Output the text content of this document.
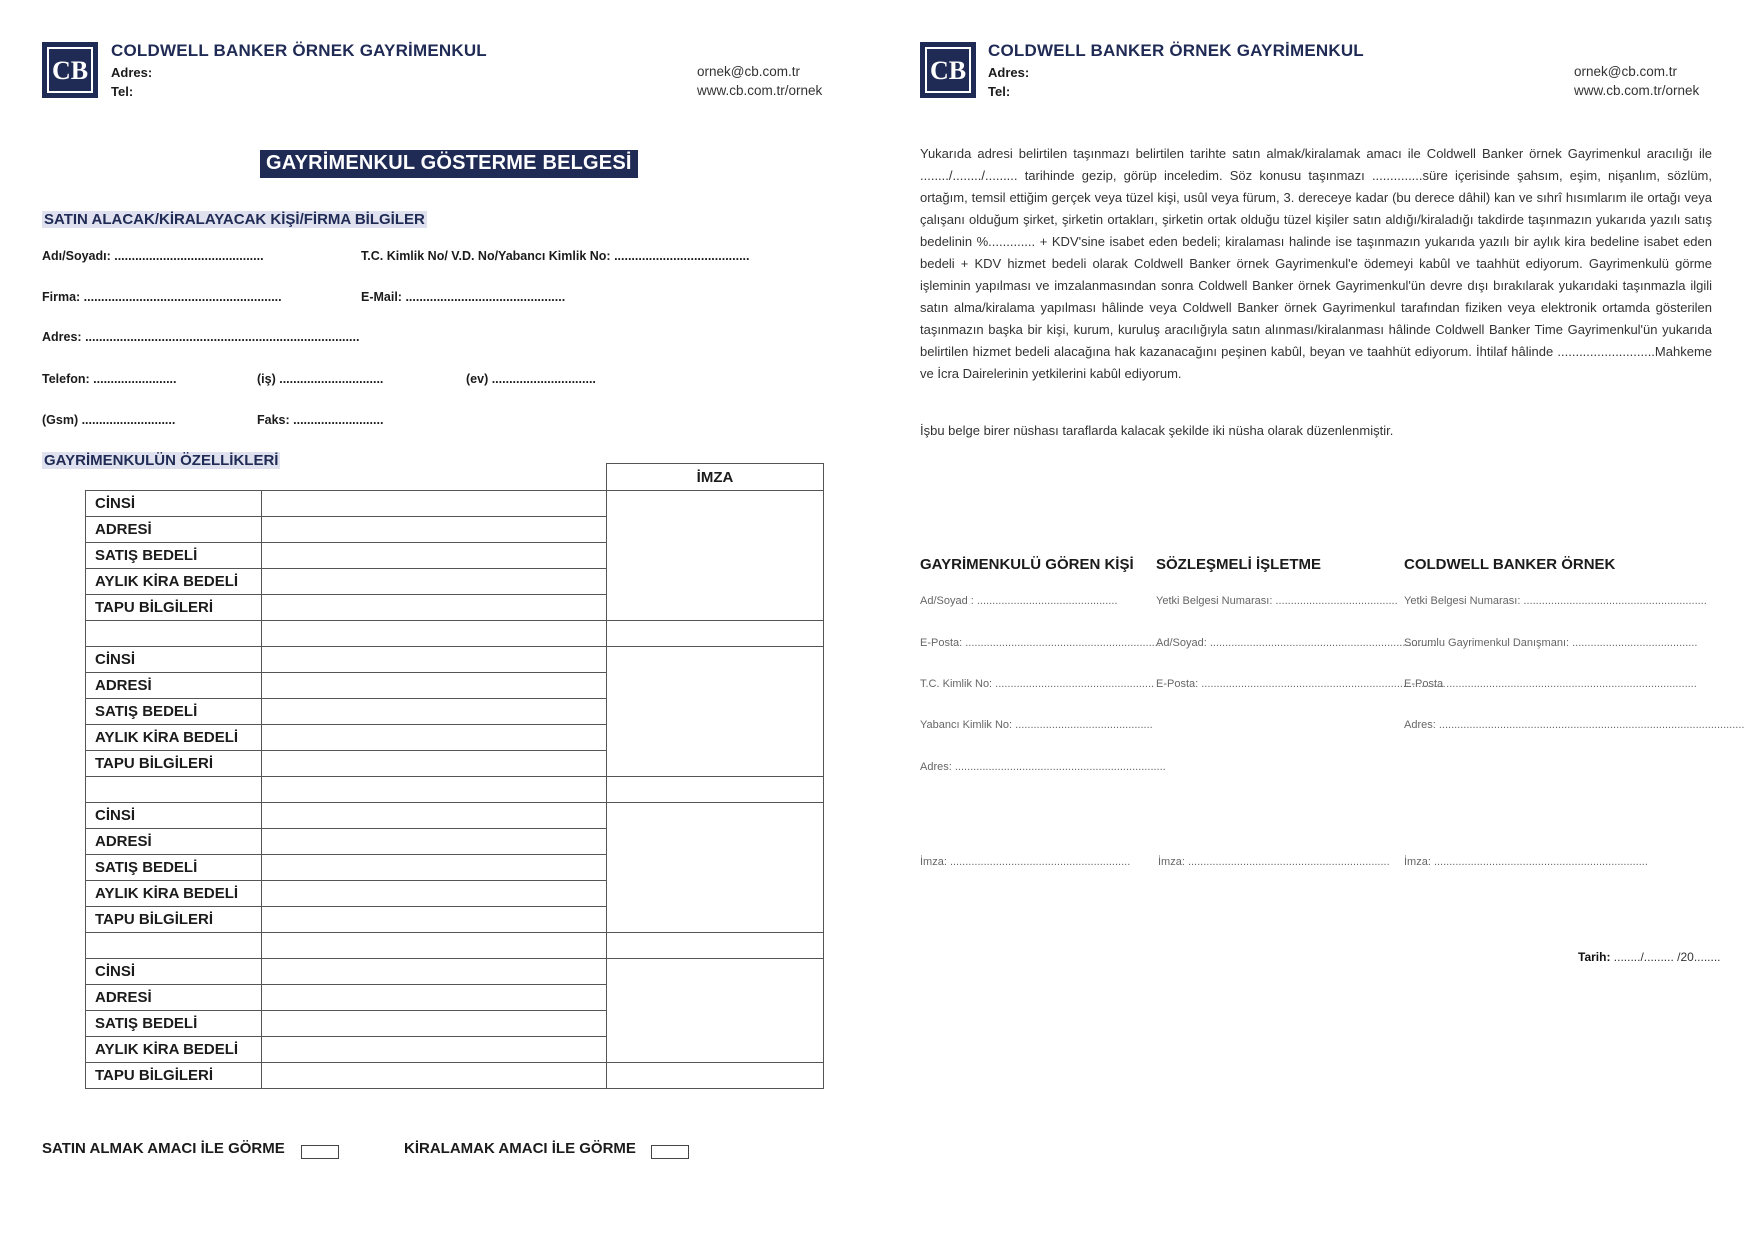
CB
COLDWELL BANKER ÖRNEK GAYRİMENKUL
Adres:
Tel:
ornek@cb.com.tr
www.cb.com.tr/ornek
CB
COLDWELL BANKER ÖRNEK GAYRİMENKUL
Adres:
Tel:
ornek@cb.com.tr
www.cb.com.tr/ornek
GAYRİMENKUL GÖSTERME BELGESİ
SATIN ALACAK/KİRALAYACAK KİŞİ/FİRMA BİLGİLER
Adı/Soyadı: ...........................................	T.C. Kimlik No/ V.D. No/Yabancı Kimlik No: .......................................
Firma: .........................................................	E-Mail: ..............................................
Adres: ...............................................................................
Telefon: ........................	(iş) ..............................	(ev) ..............................
(Gsm) ...........................	Faks: ..........................
GAYRİMENKULÜN ÖZELLİKLERİ
		İMZA
CİNSİ		
ADRESİ		
SATIŞ BEDELİ		
AYLIK KİRA BEDELİ		
TAPU BİLGİLERİ		

CİNSİ		
ADRESİ		
SATIŞ BEDELİ		
AYLIK KİRA BEDELİ		
TAPU BİLGİLERİ		

CİNSİ		
ADRESİ		
SATIŞ BEDELİ		
AYLIK KİRA BEDELİ		
TAPU BİLGİLERİ		

CİNSİ		
ADRESİ		
SATIŞ BEDELİ		
AYLIK KİRA BEDELİ		
TAPU BİLGİLERİ		
SATIN ALMAK AMACI İLE GÖRME	KİRALAMAK AMACI İLE GÖRME
Yukarıda adresi belirtilen taşınmazı belirtilen tarihte satın almak/kiralamak amacı ile Coldwell Banker örnek Gayrimenkul aracılığı ile ......../......../......... tarihinde gezip, görüp inceledim. Söz konusu taşınmazı ..............süre içerisinde şahsım, eşim, nişanlım, sözlüm, ortağım, temsil ettiğim gerçek veya tüzel kişi, usûl veya fürum, 3. dereceye kadar (bu derece dâhil) kan ve sıhrî hısımlarım ile ortağı veya çalışanı olduğum şirket, şirketin ortakları, şirketin ortak olduğu tüzel kişiler satın aldığı/kiraladığı takdirde taşınmazın yukarıda yazılı satış bedelinin %............. + KDV'sine isabet eden bedeli; kiralaması halinde ise taşınmazın yukarıda yazılı bir aylık kira bedeline isabet eden bedeli + KDV hizmet bedeli olarak Coldwell Banker örnek Gayrimenkul'e ödemeyi kabûl ve taahhüt ediyorum. Gayrimenkulü görme işleminin yapılması ve imzalanmasından sonra Coldwell Banker örnek Gayrimenkul'ün devre dışı bırakılarak yukarıdaki taşınmazla ilgili satın alma/kiralama yapılması hâlinde veya Coldwell Banker örnek Gayrimenkul tarafından fiziken veya elektronik ortamda gösterilen taşınmazın başka bir kişi, kurum, kuruluş aracılığıyla satın alınması/kiralanması hâlinde Coldwell Banker Time Gayrimenkul'ün yukarıda belirtilen hizmet bedeli alacağına hak kazanacağını peşinen kabûl, beyan ve taahhüt ediyorum. İhtilaf hâlinde ...........................Mahkeme ve İcra Dairelerinin yetkilerini kabûl ediyorum.
İşbu belge birer nüshası taraflarda kalacak şekilde iki nüsha olarak düzenlenmiştir.
GAYRİMENKULÜ GÖREN KİŞİ
Ad/Soyad : ..............................................
E-Posta: ................................................................
T.C. Kimlik No: ....................................................
Yabancı Kimlik No: .............................................
Adres: .....................................................................
İmza: ...........................................................
SÖZLEŞMELİ İŞLETME
Yetki Belgesi Numarası: ........................................
Ad/Soyad: ..........................................................................
E-Posta: ................................................................................
İmza: ..................................................................
COLDWELL BANKER ÖRNEK
Yetki Belgesi Numarası: ............................................................
Sorumlu Gayrimenkul Danışmanı: .........................................
E-Posta ..................................................................................
Adres: ....................................................................................................
İmza: ......................................................................
Tarih: ......../......... /20........
